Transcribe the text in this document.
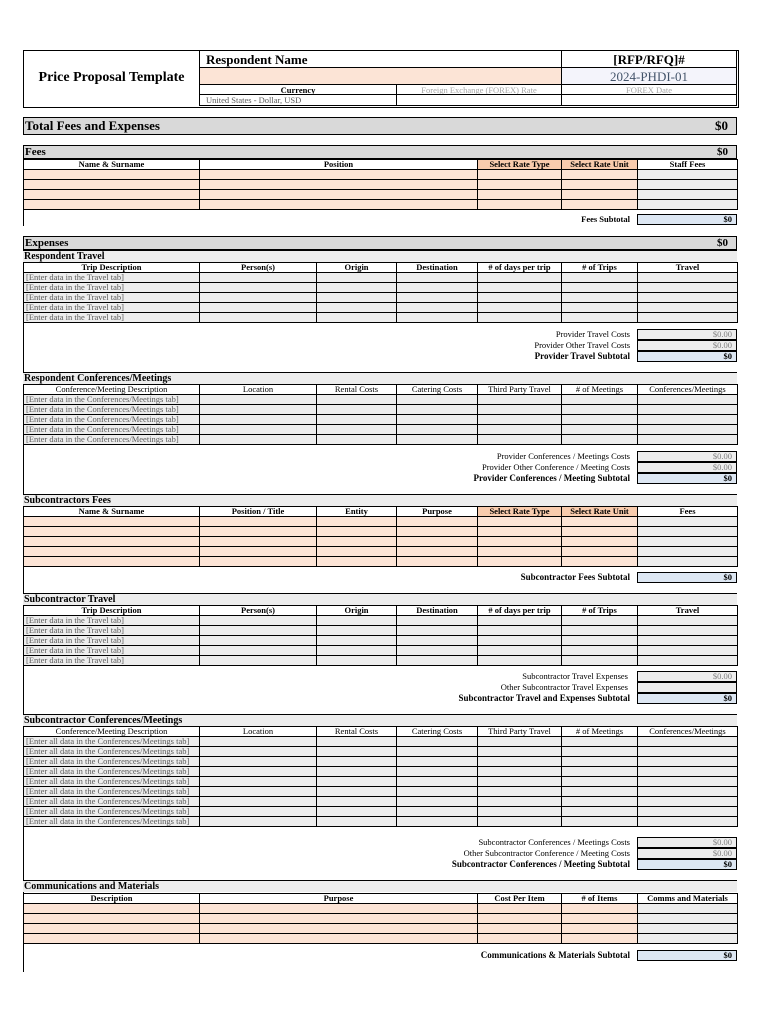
Price Proposal Template
Respondent Name	[RFP/RFQ]#
2024-PHDI-01
Currency	Foreign Exchange (FOREX) Rate	FOREX Date
United States - Dollar, USD
Total Fees and Expenses	$0
Fees	$0
Name & Surname	Position	Select Rate Type	Select Rate Unit	Staff Fees

Fees Subtotal	$0
Expenses	$0
Respondent Travel
Trip Description	Person(s)	Origin	Destination	# of days per trip	# of Trips	Travel
[Enter data in the Travel tab]						
[Enter data in the Travel tab]						
[Enter data in the Travel tab]						
[Enter data in the Travel tab]						
[Enter data in the Travel tab]						
Provider Travel Costs	$0.00
Provider Other Travel Costs	$0.00
Provider Travel Subtotal	$0
Respondent Conferences/Meetings
Conference/Meeting Description	Location	Rental Costs	Catering Costs	Third Party Travel	# of Meetings	Conferences/Meetings
[Enter data in the Conferences/Meetings tab]						
[Enter data in the Conferences/Meetings tab]						
[Enter data in the Conferences/Meetings tab]						
[Enter data in the Conferences/Meetings tab]						
[Enter data in the Conferences/Meetings tab]						
Provider Conferences / Meetings Costs	$0.00
Provider Other Conference / Meeting Costs	$0.00
Provider Conferences / Meeting Subtotal	$0
Subcontractors Fees
Name & Surname	Position / Title	Entity	Purpose	Select Rate Type	Select Rate Unit	Fees

Subcontractor Fees Subtotal	$0
Subcontractor Travel
Trip Description	Person(s)	Origin	Destination	# of days per trip	# of Trips	Travel
[Enter data in the Travel tab]						
[Enter data in the Travel tab]						
[Enter data in the Travel tab]						
[Enter data in the Travel tab]						
[Enter data in the Travel tab]						
Subcontractor Travel Expenses	$0.00
Other Subcontractor Travel Expenses
Subcontractor Travel and Expenses Subtotal	$0
Subcontractor Conferences/Meetings
Conference/Meeting Description	Location	Rental Costs	Catering Costs	Third Party Travel	# of Meetings	Conferences/Meetings
[Enter all data in the Conferences/Meetings tab]						
[Enter all data in the Conferences/Meetings tab]						
[Enter all data in the Conferences/Meetings tab]						
[Enter all data in the Conferences/Meetings tab]						
[Enter all data in the Conferences/Meetings tab]						
[Enter all data in the Conferences/Meetings tab]						
[Enter all data in the Conferences/Meetings tab]						
[Enter all data in the Conferences/Meetings tab]						
[Enter all data in the Conferences/Meetings tab]						
Subcontractor Conferences / Meetings Costs	$0.00
Other Subcontractor Conference / Meeting Costs	$0.00
Subcontractor Conferences / Meeting Subtotal	$0
Communications and Materials
Description	Purpose	Cost Per Item	# of Items	Comms and Materials

Communications & Materials Subtotal	$0
